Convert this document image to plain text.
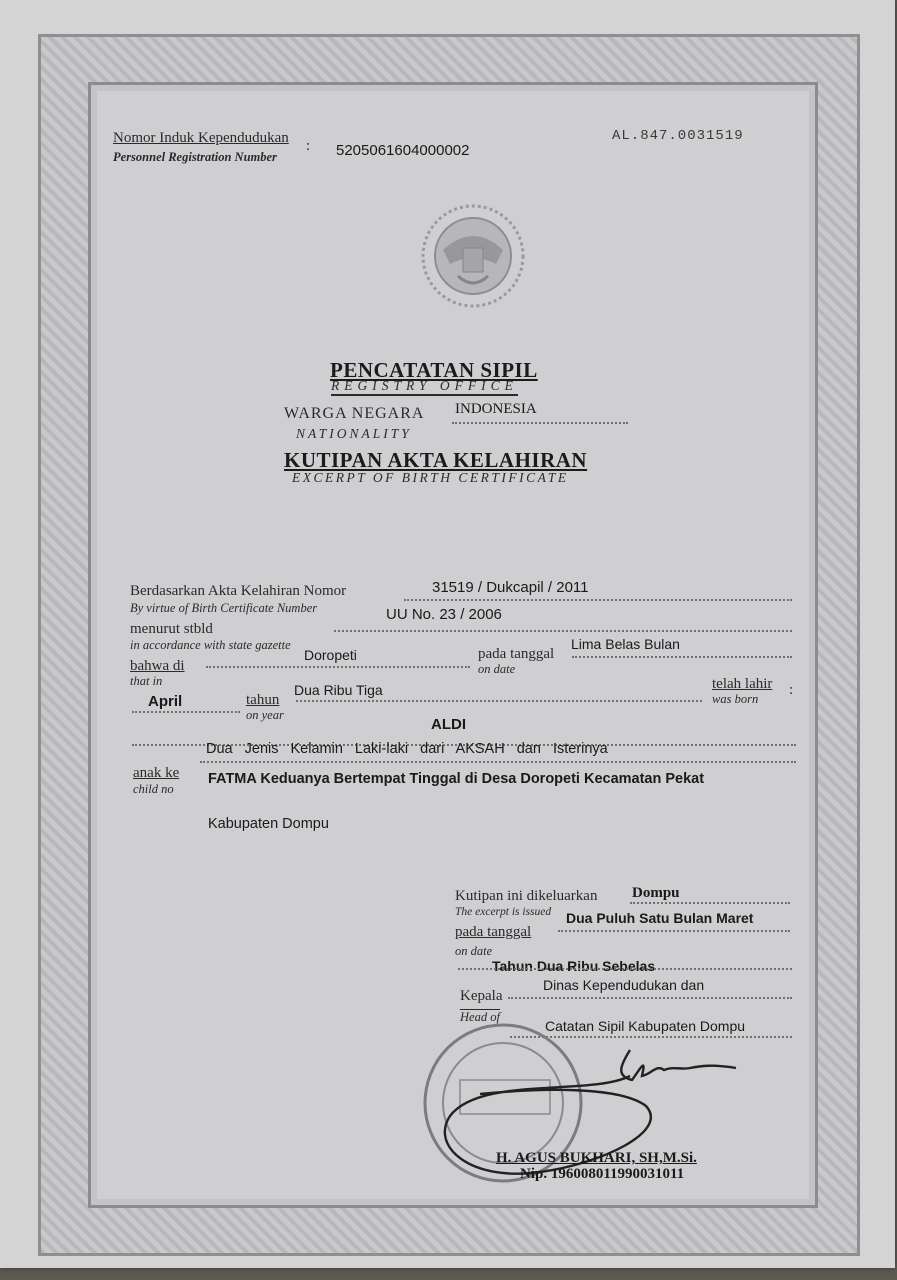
Nomor Induk Kependudukan
Personnel Registration Number
: 5205061604000002
AL.847.0031519
PENCATATAN SIPIL
REGISTRY OFFICE
WARGA NEGARA INDONESIA
NATIONALITY
KUTIPAN AKTA KELAHIRAN
EXCERPT OF BIRTH CERTIFICATE
Berdasarkan Akta Kelahiran Nomor
By virtue of Birth Certificate Number
31519 / Dukcapil / 2011
menurut stbld
in accordance with state gazette
UU No. 23 / 2006
bahwa di
that in
Doropeti	pada tanggal
on date
Lima Belas Bulan
April	tahun
on year
Dua Ribu Tiga	telah lahir
was born
:
ALDI
anak ke
child no
Dua Jenis Kelamin Laki-laki dari AKSAH dan Isterinya
FATMA Keduanya Bertempat Tinggal di Desa Doropeti Kecamatan Pekat
Kabupaten Dompu
Kutipan ini dikeluarkan
The excerpt is issued
Dompu
pada tanggal
on date
Dua Puluh Satu Bulan Maret
Tahun Dua Ribu Sebelas
Kepala
Head of
Dinas Kependudukan dan
Catatan Sipil Kabupaten Dompu
H. AGUS BUKHARI, SH,M.Si.
Nip. 196008011990031011
